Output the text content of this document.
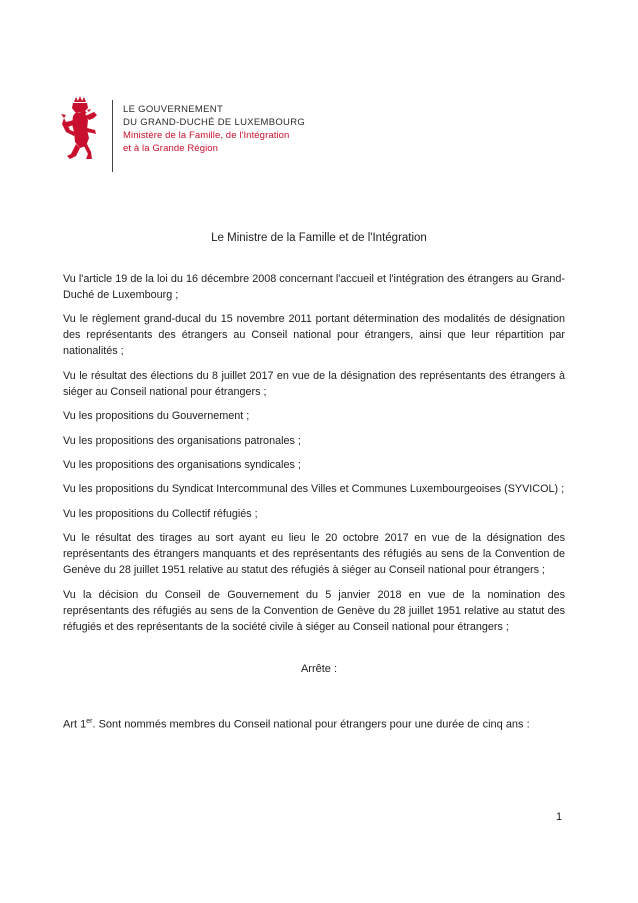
LE GOUVERNEMENT
DU GRAND-DUCHÉ DE LUXEMBOURG
Ministère de la Famille, de l'Intégration
et à la Grande Région
Le Ministre de la Famille et de l'Intégration

Vu l'article 19 de la loi du 16 décembre 2008 concernant l'accueil et l'intégration des étrangers au Grand-Duché de Luxembourg ;

Vu le règlement grand-ducal du 15 novembre 2011 portant détermination des modalités de désignation des représentants des étrangers au Conseil national pour étrangers, ainsi que leur répartition par nationalités ;

Vu le résultat des élections du 8 juillet 2017 en vue de la désignation des représentants des étrangers à siéger au Conseil national pour étrangers ;

Vu les propositions du Gouvernement ;

Vu les propositions des organisations patronales ;

Vu les propositions des organisations syndicales ;

Vu les propositions du Syndicat Intercommunal des Villes et Communes Luxembourgeoises (SYVICOL) ;

Vu les propositions du Collectif réfugiés ;

Vu le résultat des tirages au sort ayant eu lieu le 20 octobre 2017 en vue de la désignation des représentants des étrangers manquants et des représentants des réfugiés au sens de la Convention de Genève du 28 juillet 1951 relative au statut des réfugiés à siéger au Conseil national pour étrangers ;

Vu la décision du Conseil de Gouvernement du 5 janvier 2018 en vue de la nomination des représentants des réfugiés au sens de la Convention de Genève du 28 juillet 1951 relative au statut des réfugiés et des représentants de la société civile à siéger au Conseil national pour étrangers ;

Arrête :
Art 1er. Sont nommés membres du Conseil national pour étrangers pour une durée de cinq ans :
1
